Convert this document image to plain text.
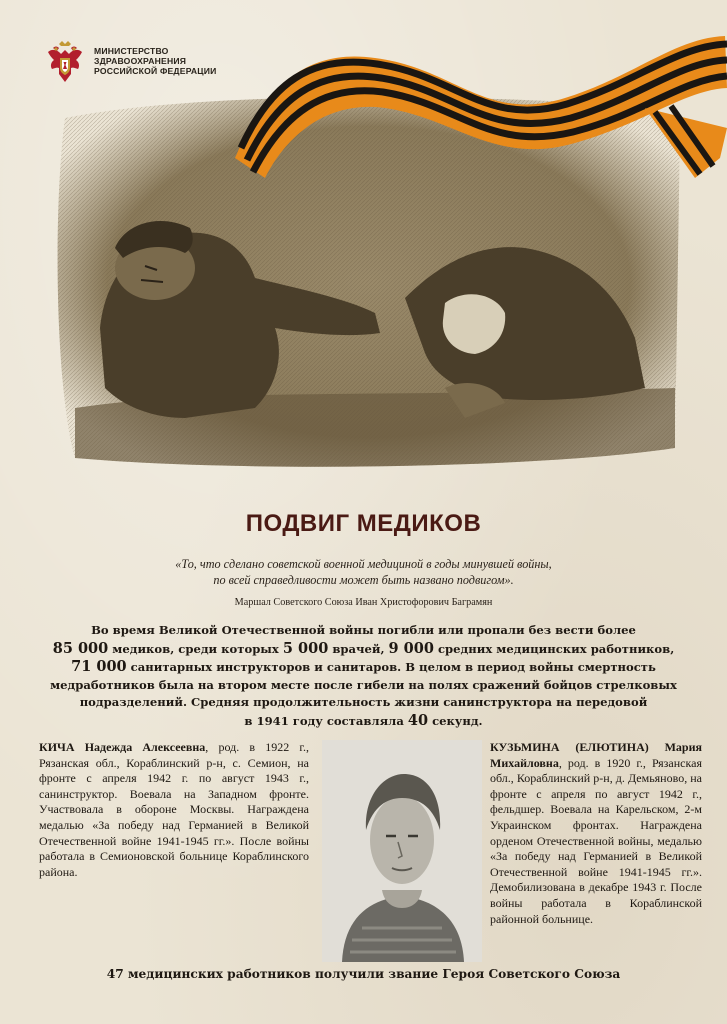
МИНИСТЕРСТВО
ЗДРАВООХРАНЕНИЯ
РОССИЙСКОЙ ФЕДЕРАЦИИ
ПОДВИГ МЕДИКОВ
«То, что сделано советской военной медициной в годы минувшей войны,
по всей справедливости может быть названо подвигом».
Маршал Советского Союза Иван Христофорович Баграмян
Во время Великой Отечественной войны погибли или пропали без вести более
85 000 медиков, среди которых 5 000 врачей, 9 000 средних медицинских работников,
71 000 санитарных инструкторов и санитаров. В целом в период войны смертность
медработников была на втором месте после гибели на полях сражений бойцов стрелковых
подразделений. Средняя продолжительность жизни санинструктора на передовой
в 1941 году составляла 40 секунд.
КИЧА Надежда Алексеевна, род. в 1922 г., Рязанская обл., Кораблинский р-н, с. Семион, на фронте с апреля 1942 г. по август 1943 г., санинструктор. Воевала на Западном фронте. Участвовала в обороне Москвы. Награждена медалью «За победу над Германией в Великой Отечественной войне 1941-1945 гг.». После войны работала в Семионовской больнице Кораблинского района.
КУЗЬМИНА (ЕЛЮТИНА) Мария Михайловна, род. в 1920 г., Рязанская обл., Кораблинский р-н, д. Демьяново, на фронте с апреля по август 1942 г., фельдшер. Воевала на Карельском, 2-м Украинском фронтах. Награждена орденом Отечественной войны, медалью «За победу над Германией в Великой Отечественной войне 1941-1945 гг.». Демобилизована в декабре 1943 г. После войны работала в Кораблинской районной больнице.
47 медицинских работников получили звание Героя Советского Союза
